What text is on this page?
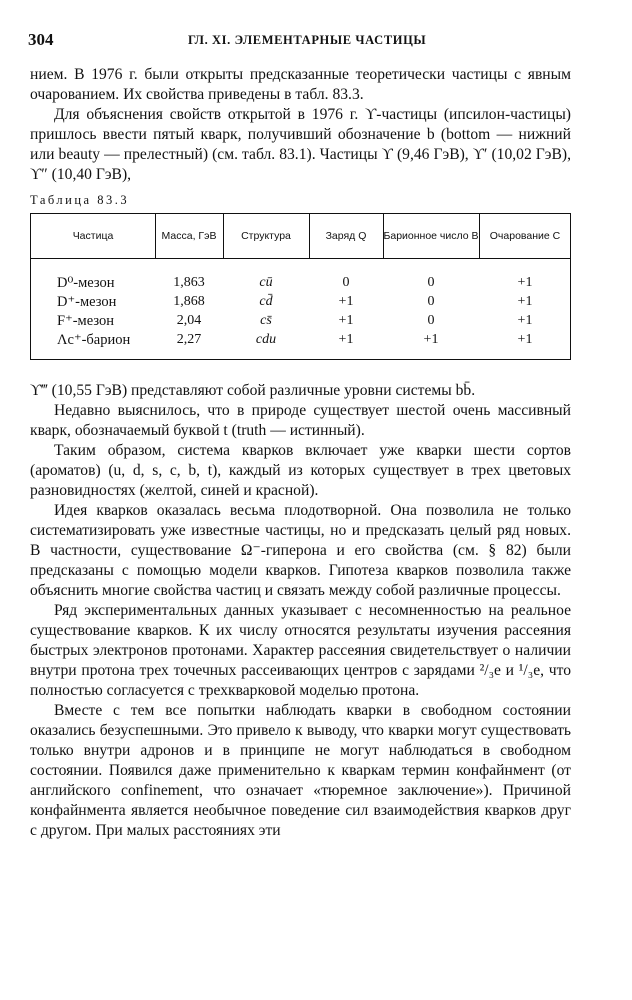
304	ГЛ. XI. ЭЛЕМЕНТАРНЫЕ ЧАСТИЦЫ

нием. В 1976 г. были открыты предсказанные теоретически частицы с явным очарованием. Их свойства приведены в табл. 83.3.

Для объяснения свойств открытой в 1976 г. ϒ-частицы (ипсилон-частицы) пришлось ввести пятый кварк, получивший обозначение b (bottom — нижний или beauty — прелестный) (см. табл. 83.1). Частицы ϒ (9,46 ГэВ), ϒ′ (10,02 ГэВ), ϒ″ (10,40 ГэВ),

Таблица 83.3
Частица	Масса, ГэВ	Структура	Заряд Q	Барионное число B	Очарование C
D⁰-мезон	1,863	cū	0	0	+1
D⁺-мезон	1,868	cd̄	+1	0	+1
F⁺-мезон	2,04	cs̄	+1	0	+1
Λc⁺-барион	2,27	cdu	+1	+1	+1

ϒ‴ (10,55 ГэВ) представляют собой различные уровни системы bb̄.

Недавно выяснилось, что в природе существует шестой очень массивный кварк, обозначаемый буквой t (truth — истинный).

Таким образом, система кварков включает уже кварки шести сортов (ароматов) (u, d, s, c, b, t), каждый из которых существует в трех цветовых разновидностях (желтой, синей и красной).

Идея кварков оказалась весьма плодотворной. Она позволила не только систематизировать уже известные частицы, но и предсказать целый ряд новых. В частности, существование Ω⁻-гиперона и его свойства (см. § 82) были предсказаны с помощью модели кварков. Гипотеза кварков позволила также объяснить многие свойства частиц и связать между собой различные процессы.

Ряд экспериментальных данных указывает с несомненностью на реальное существование кварков. К их числу относятся результаты изучения рассеяния быстрых электронов протонами. Характер рассеяния свидетельствует о наличии внутри протона трех точечных рассеивающих центров с зарядами ²/₃e и ¹/₃e, что полностью согласуется с трехкварковой моделью протона.

Вместе с тем все попытки наблюдать кварки в свободном состоянии оказались безуспешными. Это привело к выводу, что кварки могут существовать только внутри адронов и в принципе не могут наблюдаться в свободном состоянии. Появился даже применительно к кваркам термин конфайнмент (от английского confinement, что означает «тюремное заключение»). Причиной конфайнмента является необычное поведение сил взаимодействия кварков друг с другом. При малых расстояниях эти
